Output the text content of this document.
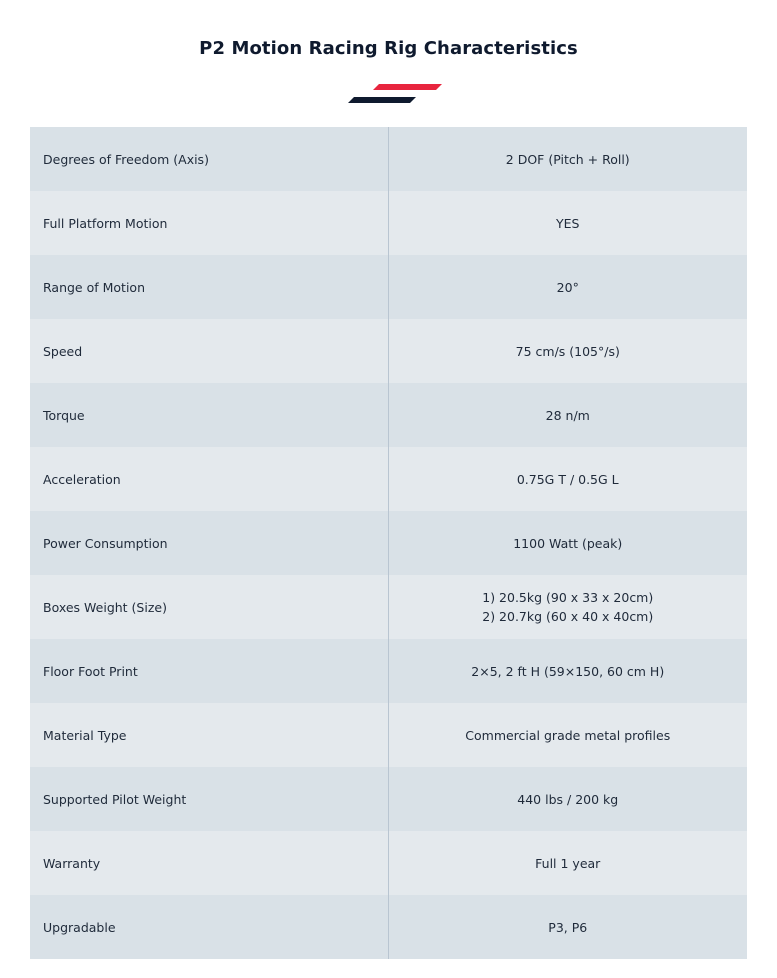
P2 Motion Racing Rig Characteristics
Degrees of Freedom (Axis)	2 DOF (Pitch + Roll)
Full Platform Motion	YES
Range of Motion	20°
Speed	75 cm/s (105°/s)
Torque	28 n/m
Acceleration	0.75G T / 0.5G L
Power Consumption	1100 Watt (peak)
Boxes Weight (Size)	1) 20.5kg (90 x 33 x 20cm)
2) 20.7kg (60 x 40 x 40cm)

Floor Foot Print	2×5, 2 ft H (59×150, 60 cm H)
Material Type	Commercial grade metal profiles
Supported Pilot Weight	440 lbs / 200 kg
Warranty	Full 1 year
Upgradable	P3, P6
